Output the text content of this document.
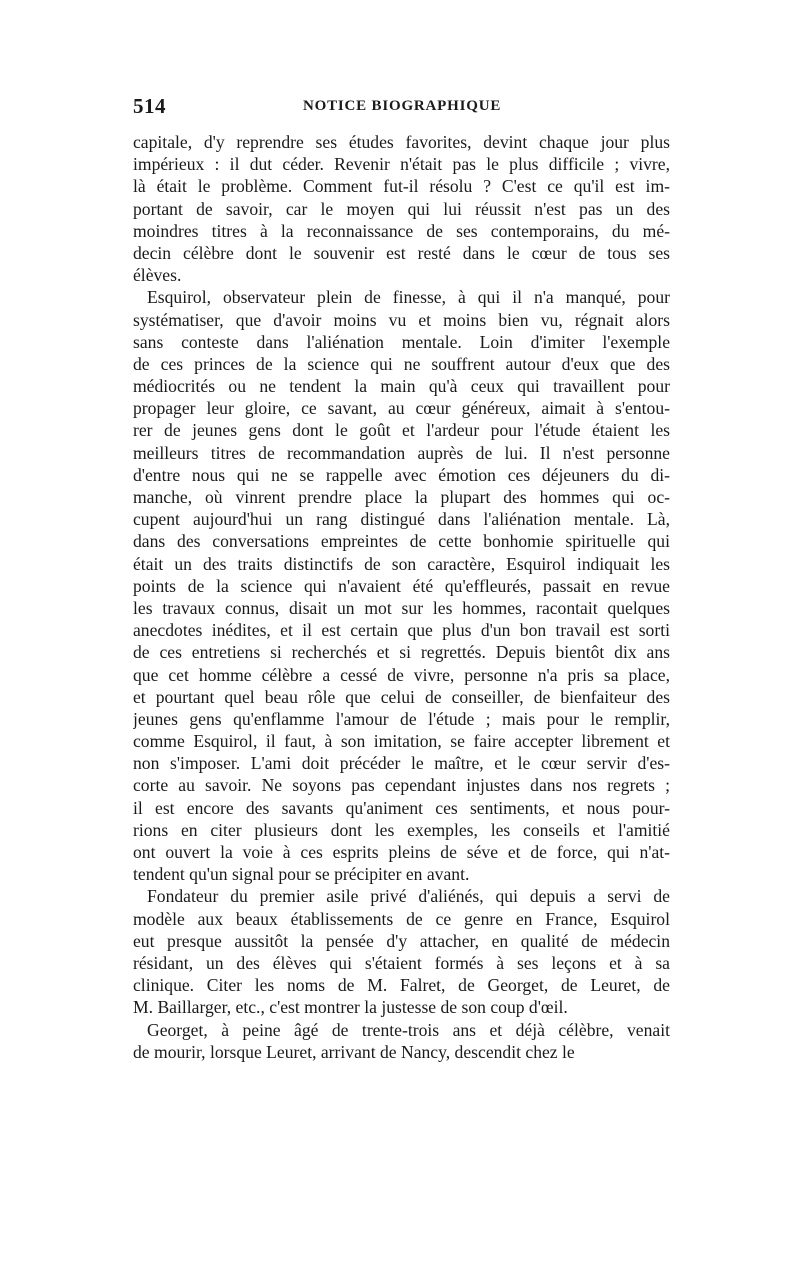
514	NOTICE BIOGRAPHIQUE
capitale, d'y reprendre ses études favorites, devint chaque jour plus
impérieux : il dut céder. Revenir n'était pas le plus difficile ; vivre,
là était le problème. Comment fut-il résolu ? C'est ce qu'il est im-
portant de savoir, car le moyen qui lui réussit n'est pas un des
moindres titres à la reconnaissance de ses contemporains, du mé-
decin célèbre dont le souvenir est resté dans le cœur de tous ses
élèves.
Esquirol, observateur plein de finesse, à qui il n'a manqué, pour
systématiser, que d'avoir moins vu et moins bien vu, régnait alors
sans conteste dans l'aliénation mentale. Loin d'imiter l'exemple
de ces princes de la science qui ne souffrent autour d'eux que des
médiocrités ou ne tendent la main qu'à ceux qui travaillent pour
propager leur gloire, ce savant, au cœur généreux, aimait à s'entou-
rer de jeunes gens dont le goût et l'ardeur pour l'étude étaient les
meilleurs titres de recommandation auprès de lui. Il n'est personne
d'entre nous qui ne se rappelle avec émotion ces déjeuners du di-
manche, où vinrent prendre place la plupart des hommes qui oc-
cupent aujourd'hui un rang distingué dans l'aliénation mentale. Là,
dans des conversations empreintes de cette bonhomie spirituelle qui
était un des traits distinctifs de son caractère, Esquirol indiquait les
points de la science qui n'avaient été qu'effleurés, passait en revue
les travaux connus, disait un mot sur les hommes, racontait quelques
anecdotes inédites, et il est certain que plus d'un bon travail est sorti
de ces entretiens si recherchés et si regrettés. Depuis bientôt dix ans
que cet homme célèbre a cessé de vivre, personne n'a pris sa place,
et pourtant quel beau rôle que celui de conseiller, de bienfaiteur des
jeunes gens qu'enflamme l'amour de l'étude ; mais pour le remplir,
comme Esquirol, il faut, à son imitation, se faire accepter librement et
non s'imposer. L'ami doit précéder le maître, et le cœur servir d'es-
corte au savoir. Ne soyons pas cependant injustes dans nos regrets ;
il est encore des savants qu'animent ces sentiments, et nous pour-
rions en citer plusieurs dont les exemples, les conseils et l'amitié
ont ouvert la voie à ces esprits pleins de séve et de force, qui n'at-
tendent qu'un signal pour se précipiter en avant.
Fondateur du premier asile privé d'aliénés, qui depuis a servi de
modèle aux beaux établissements de ce genre en France, Esquirol
eut presque aussitôt la pensée d'y attacher, en qualité de médecin
résidant, un des élèves qui s'étaient formés à ses leçons et à sa
clinique. Citer les noms de M. Falret, de Georget, de Leuret, de
M. Baillarger, etc., c'est montrer la justesse de son coup d'œil.
Georget, à peine âgé de trente-trois ans et déjà célèbre, venait
de mourir, lorsque Leuret, arrivant de Nancy, descendit chez le
